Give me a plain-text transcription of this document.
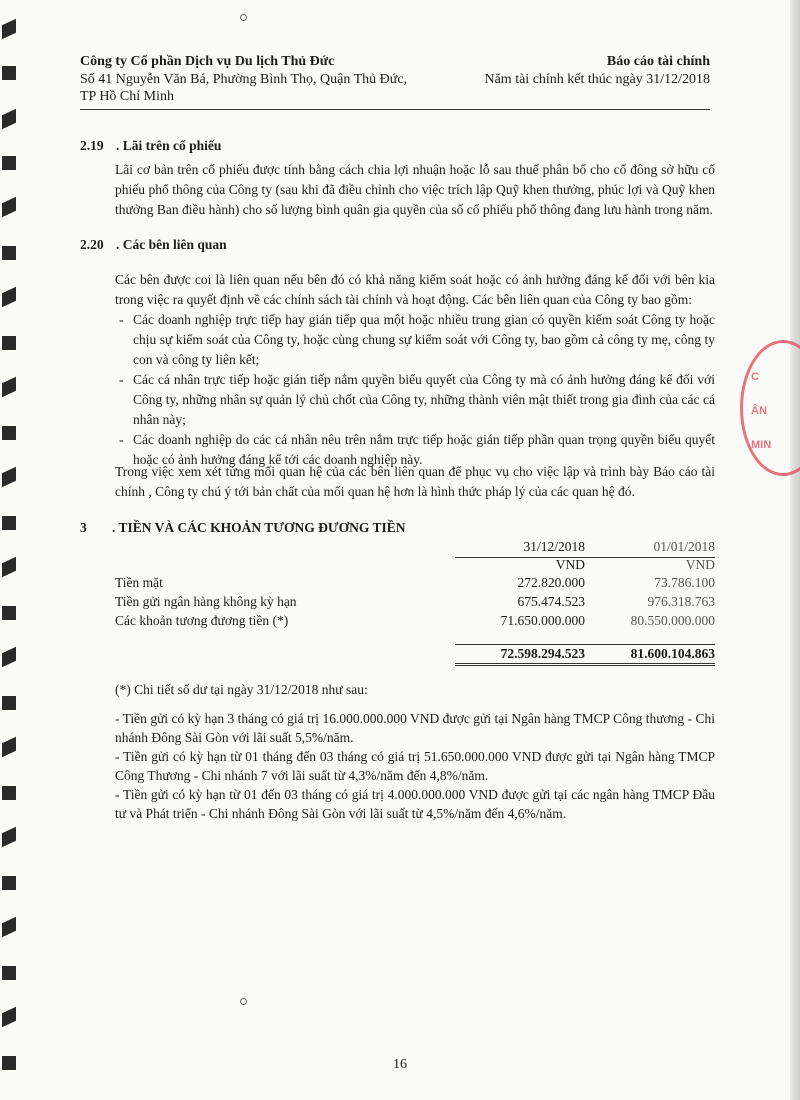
C
ÂN
MIN
Công ty Cổ phần Dịch vụ Du lịch Thủ Đức
Số 41 Nguyễn Văn Bá, Phường Bình Thọ, Quận Thủ Đức,
TP Hồ Chí Minh
Báo cáo tài chính
Năm tài chính kết thúc ngày 31/12/2018
2.19 . Lãi trên cổ phiếu
Lãi cơ bản trên cổ phiếu được tính bằng cách chia lợi nhuận hoặc lỗ sau thuế phân bổ cho cổ đông sở hữu cổ phiếu phổ thông của Công ty (sau khi đã điều chỉnh cho việc trích lập Quỹ khen thưởng, phúc lợi và Quỹ khen thưởng Ban điều hành) cho số lượng bình quân gia quyền của số cổ phiếu phổ thông đang lưu hành trong năm.
2.20 . Các bên liên quan
Các bên được coi là liên quan nếu bên đó có khả năng kiểm soát hoặc có ảnh hưởng đáng kể đối với bên kia trong việc ra quyết định về các chính sách tài chính và hoạt động. Các bên liên quan của Công ty bao gồm:
- Các doanh nghiệp trực tiếp hay gián tiếp qua một hoặc nhiều trung gian có quyền kiểm soát Công ty hoặc chịu sự kiểm soát của Công ty, hoặc cùng chung sự kiểm soát với Công ty, bao gồm cả công ty mẹ, công ty con và công ty liên kết;
- Các cá nhân trực tiếp hoặc gián tiếp nắm quyền biểu quyết của Công ty mà có ảnh hưởng đáng kể đối với Công ty, những nhân sự quản lý chủ chốt của Công ty, những thành viên mật thiết trong gia đình của các cá nhân này;
- Các doanh nghiệp do các cá nhân nêu trên nắm trực tiếp hoặc gián tiếp phần quan trọng quyền biểu quyết hoặc có ảnh hưởng đáng kể tới các doanh nghiệp này.
Trong việc xem xét từng mối quan hệ của các bên liên quan để phục vụ cho việc lập và trình bày Báo cáo tài chính , Công ty chú ý tới bản chất của mối quan hệ hơn là hình thức pháp lý của các quan hệ đó.
3 . TIỀN VÀ CÁC KHOẢN TƯƠNG ĐƯƠNG TIỀN
31/12/2018	01/01/2018
VND	VND
Tiền mặt	272.820.000	73.786.100
Tiền gửi ngân hàng không kỳ hạn	675.474.523	976.318.763
Các khoản tương đương tiền (*)	71.650.000.000	80.550.000.000
72.598.294.523	81.600.104.863
(*) Chi tiết số dư tại ngày 31/12/2018 như sau:
- Tiền gửi có kỳ hạn 3 tháng có giá trị 16.000.000.000 VND được gửi tại Ngân hàng TMCP Công thương - Chi nhánh Đông Sài Gòn với lãi suất 5,5%/năm.
- Tiền gửi có kỳ hạn từ 01 tháng đến 03 tháng có giá trị 51.650.000.000 VND được gửi tại Ngân hàng TMCP Công Thương - Chi nhánh 7 với lãi suất từ 4,3%/năm đến 4,8%/năm.
- Tiền gửi có kỳ hạn từ 01 đến 03 tháng có giá trị 4.000.000.000 VND được gửi tại các ngân hàng TMCP Đầu tư và Phát triển - Chi nhánh Đông Sài Gòn với lãi suất từ 4,5%/năm đến 4,6%/năm.
16
